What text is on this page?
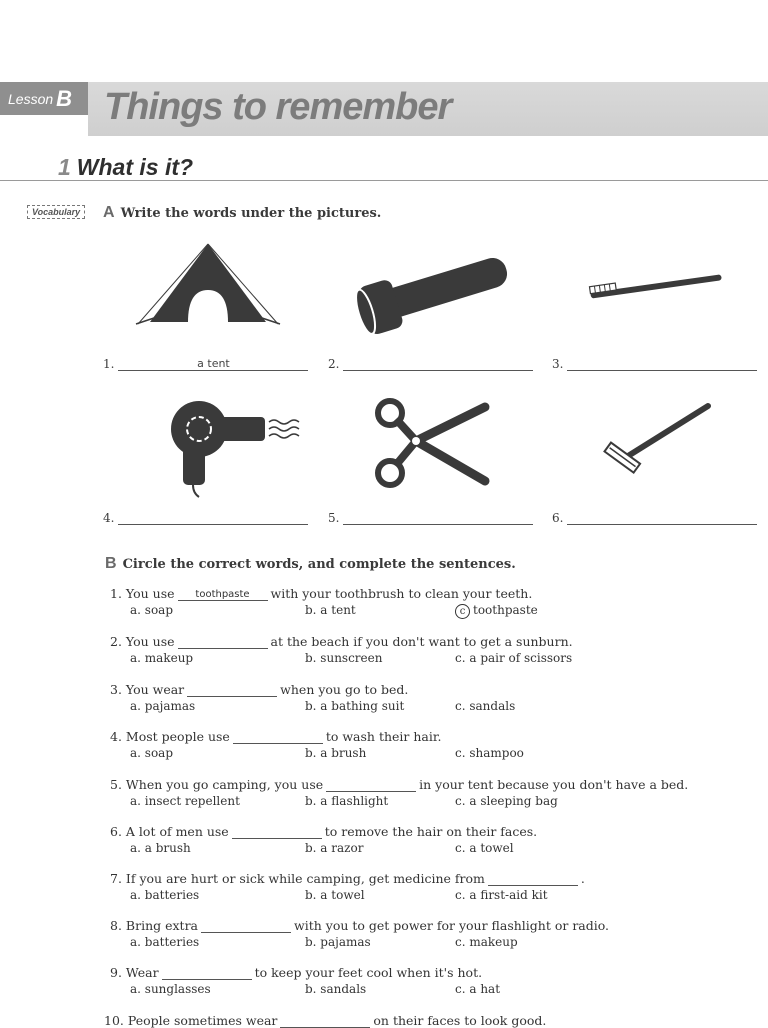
Lesson B Things to remember
1 What is it?
Vocabulary	A Write the words under the pictures.
1.	a tent	2.	3.
4.	5.	6.
B Circle the correct words, and complete the sentences.
1.
You use	toothpaste	with your toothbrush to clean your teeth.
a. soap	b. a tent	c toothpaste
2.
You use	at the beach if you don't want to get a sunburn.
a. makeup	b. sunscreen	c. a pair of scissors
3.
You wear	when you go to bed.
a. pajamas	b. a bathing suit	c. sandals
4.
Most people use	to wash their hair.
a. soap	b. a brush	c. shampoo
5.
When you go camping, you use	in your tent because you don't have a bed.
a. insect repellent	b. a flashlight	c. a sleeping bag
6.
A lot of men use	to remove the hair on their faces.
a. a brush	b. a razor	c. a towel
7.
If you are hurt or sick while camping, get medicine from	.
a. batteries	b. a towel	c. a first-aid kit
8.
Bring extra	with you to get power for your flashlight or radio.
a. batteries	b. pajamas	c. makeup
9.
Wear	to keep your feet cool when it's hot.
a. sunglasses	b. sandals	c. a hat
10.
People sometimes wear	on their faces to look good.
